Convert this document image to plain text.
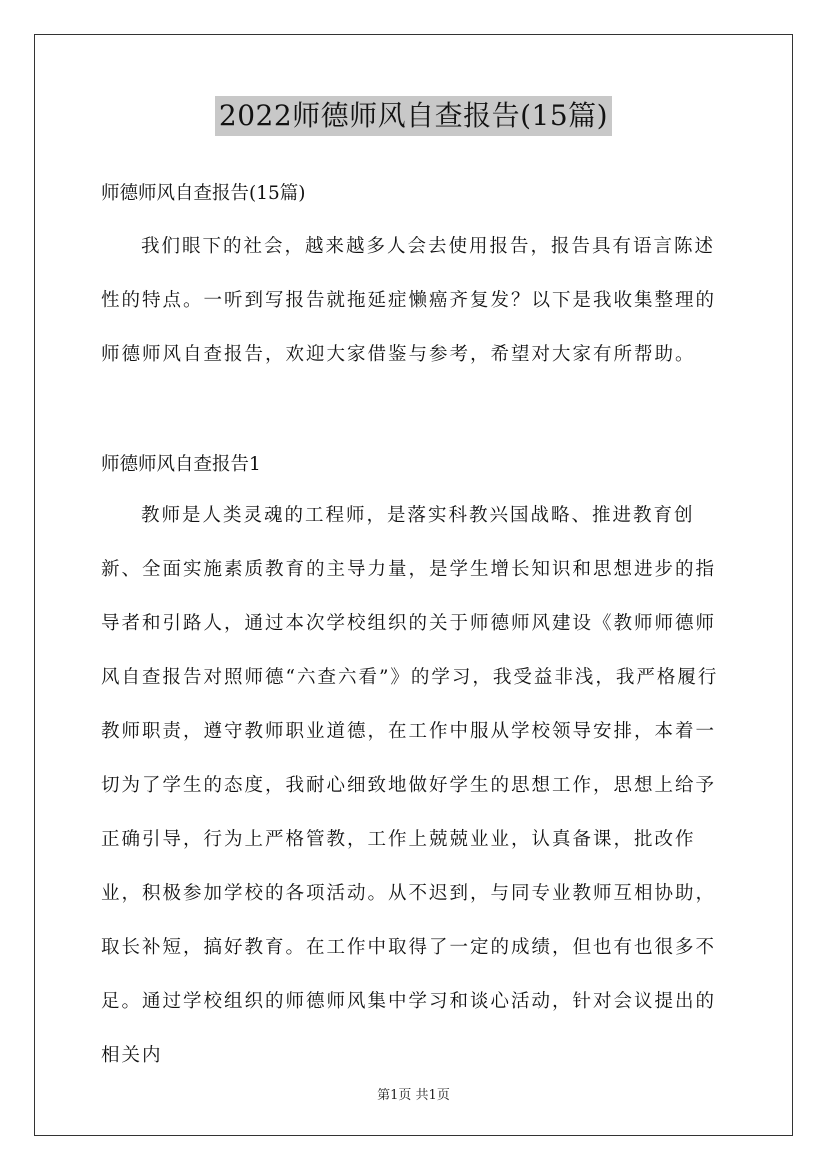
2022师德师风自查报告(15篇)
师德师风自查报告(15篇)

我们眼下的社会，越来越多人会去使用报告，报告具有语言陈述性的特点。一听到写报告就拖延症懒癌齐复发？以下是我收集整理的师德师风自查报告，欢迎大家借鉴与参考，希望对大家有所帮助。

师德师风自查报告1

教师是人类灵魂的工程师，是落实科教兴国战略、推进教育创新、全面实施素质教育的主导力量，是学生增长知识和思想进步的指导者和引路人，通过本次学校组织的关于师德师风建设《教师师德师风自查报告对照师德“六查六看”》的学习，我受益非浅，我严格履行教师职责，遵守教师职业道德，在工作中服从学校领导安排，本着一切为了学生的态度，我耐心细致地做好学生的思想工作，思想上给予正确引导，行为上严格管教，工作上兢兢业业，认真备课，批改作业，积极参加学校的各项活动。从不迟到，与同专业教师互相协助，取长补短，搞好教育。在工作中取得了一定的成绩，但也有也很多不足。通过学校组织的师德师风集中学习和谈心活动，针对会议提出的相关内

第1页 共1页
